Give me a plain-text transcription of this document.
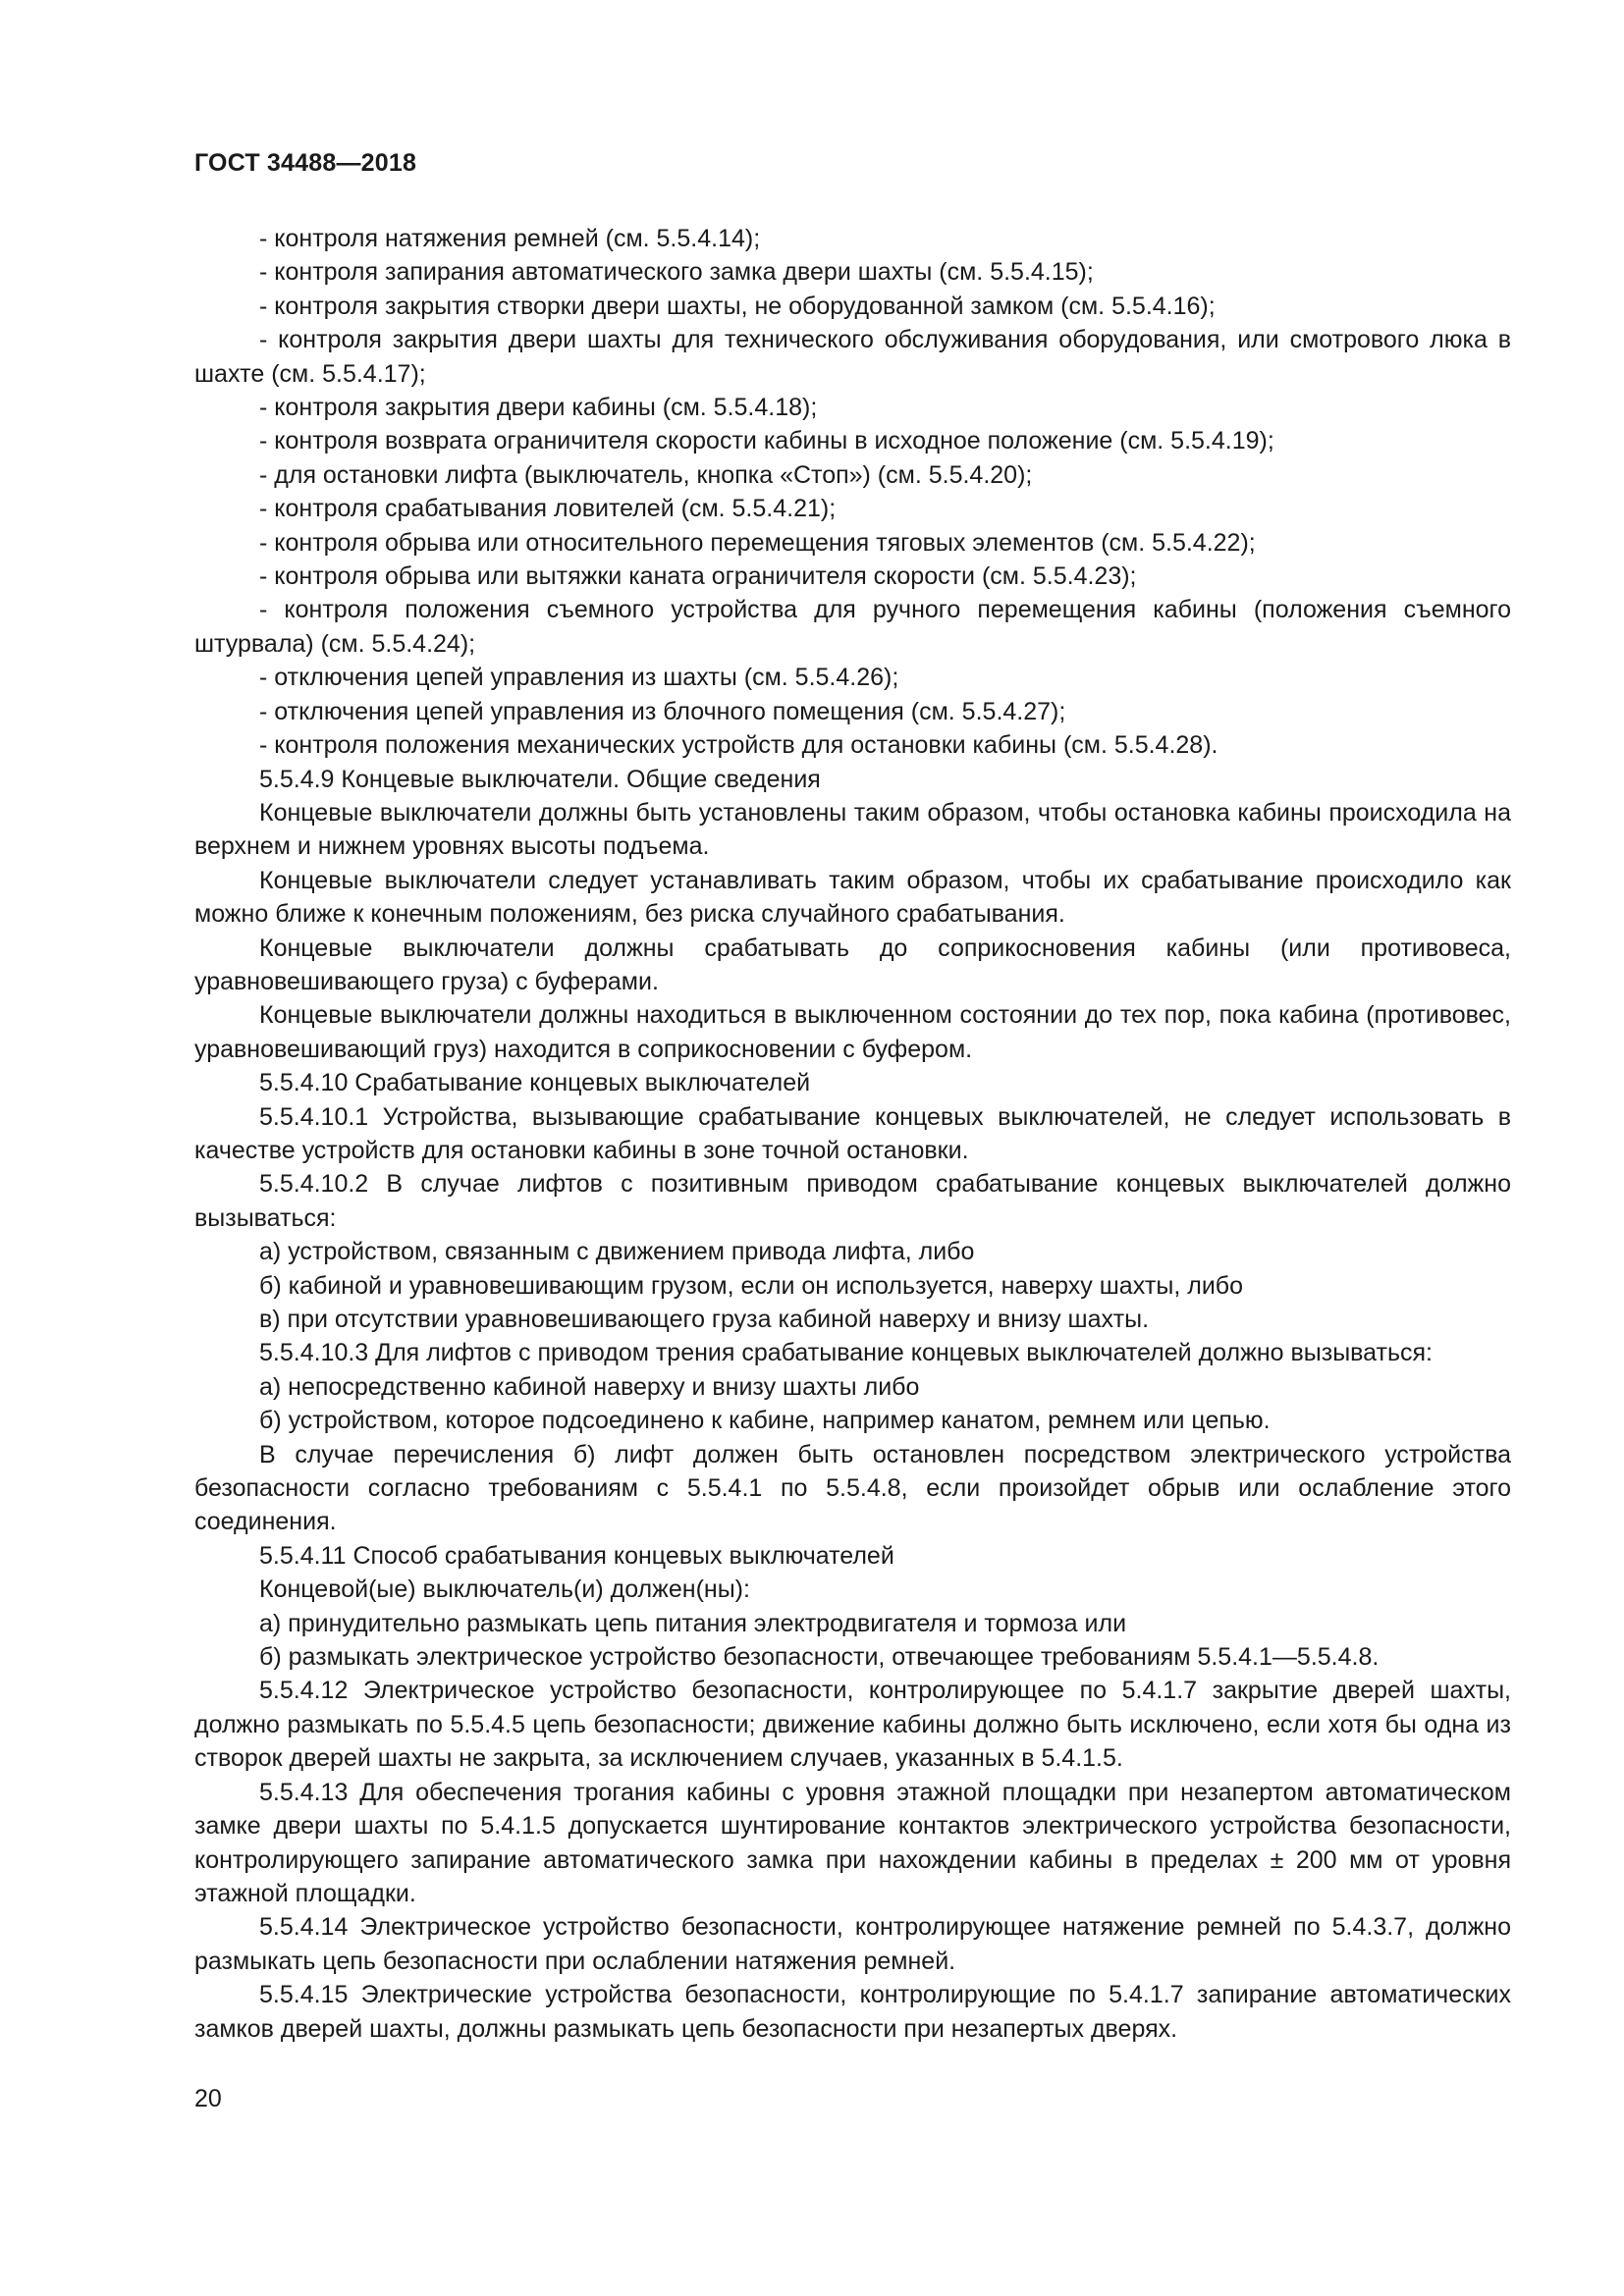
ГОСТ 34488—2018

- контроля натяжения ремней (см. 5.5.4.14);

- контроля запирания автоматического замка двери шахты (см. 5.5.4.15);

- контроля закрытия створки двери шахты, не оборудованной замком (см. 5.5.4.16);

- контроля закрытия двери шахты для технического обслуживания оборудования, или смотрового люка в шахте (см. 5.5.4.17);

- контроля закрытия двери кабины (см. 5.5.4.18);

- контроля возврата ограничителя скорости кабины в исходное положение (см. 5.5.4.19);

- для остановки лифта (выключатель, кнопка «Стоп») (см. 5.5.4.20);

- контроля срабатывания ловителей (см. 5.5.4.21);

- контроля обрыва или относительного перемещения тяговых элементов (см. 5.5.4.22);

- контроля обрыва или вытяжки каната ограничителя скорости (см. 5.5.4.23);

- контроля положения съемного устройства для ручного перемещения кабины (положения съемного штурвала) (см. 5.5.4.24);

- отключения цепей управления из шахты (см. 5.5.4.26);

- отключения цепей управления из блочного помещения (см. 5.5.4.27);

- контроля положения механических устройств для остановки кабины (см. 5.5.4.28).

5.5.4.9 Концевые выключатели. Общие сведения

Концевые выключатели должны быть установлены таким образом, чтобы остановка кабины происходила на верхнем и нижнем уровнях высоты подъема.

Концевые выключатели следует устанавливать таким образом, чтобы их срабатывание происходило как можно ближе к конечным положениям, без риска случайного срабатывания.

Концевые выключатели должны срабатывать до соприкосновения кабины (или противовеса, уравновешивающего груза) с буферами.

Концевые выключатели должны находиться в выключенном состоянии до тех пор, пока кабина (противовес, уравновешивающий груз) находится в соприкосновении с буфером.

5.5.4.10 Срабатывание концевых выключателей

5.5.4.10.1 Устройства, вызывающие срабатывание концевых выключателей, не следует использовать в качестве устройств для остановки кабины в зоне точной остановки.

5.5.4.10.2 В случае лифтов с позитивным приводом срабатывание концевых выключателей должно вызываться:

а) устройством, связанным с движением привода лифта, либо

б) кабиной и уравновешивающим грузом, если он используется, наверху шахты, либо

в) при отсутствии уравновешивающего груза кабиной наверху и внизу шахты.

5.5.4.10.3 Для лифтов с приводом трения срабатывание концевых выключателей должно вызываться:

а) непосредственно кабиной наверху и внизу шахты либо

б) устройством, которое подсоединено к кабине, например канатом, ремнем или цепью.

В случае перечисления б) лифт должен быть остановлен посредством электрического устройства безопасности согласно требованиям с 5.5.4.1 по 5.5.4.8, если произойдет обрыв или ослабление этого соединения.

5.5.4.11 Способ срабатывания концевых выключателей

Концевой(ые) выключатель(и) должен(ны):

а) принудительно размыкать цепь питания электродвигателя и тормоза или

б) размыкать электрическое устройство безопасности, отвечающее требованиям 5.5.4.1—5.5.4.8.

5.5.4.12 Электрическое устройство безопасности, контролирующее по 5.4.1.7 закрытие дверей шахты, должно размыкать по 5.5.4.5 цепь безопасности; движение кабины должно быть исключено, если хотя бы одна из створок дверей шахты не закрыта, за исключением случаев, указанных в 5.4.1.5.

5.5.4.13 Для обеспечения трогания кабины с уровня этажной площадки при незапертом автоматическом замке двери шахты по 5.4.1.5 допускается шунтирование контактов электрического устройства безопасности, контролирующего запирание автоматического замка при нахождении кабины в пределах ± 200 мм от уровня этажной площадки.

5.5.4.14 Электрическое устройство безопасности, контролирующее натяжение ремней по 5.4.3.7, должно размыкать цепь безопасности при ослаблении натяжения ремней.

5.5.4.15 Электрические устройства безопасности, контролирующие по 5.4.1.7 запирание автоматических замков дверей шахты, должны размыкать цепь безопасности при незапертых дверях.

20
